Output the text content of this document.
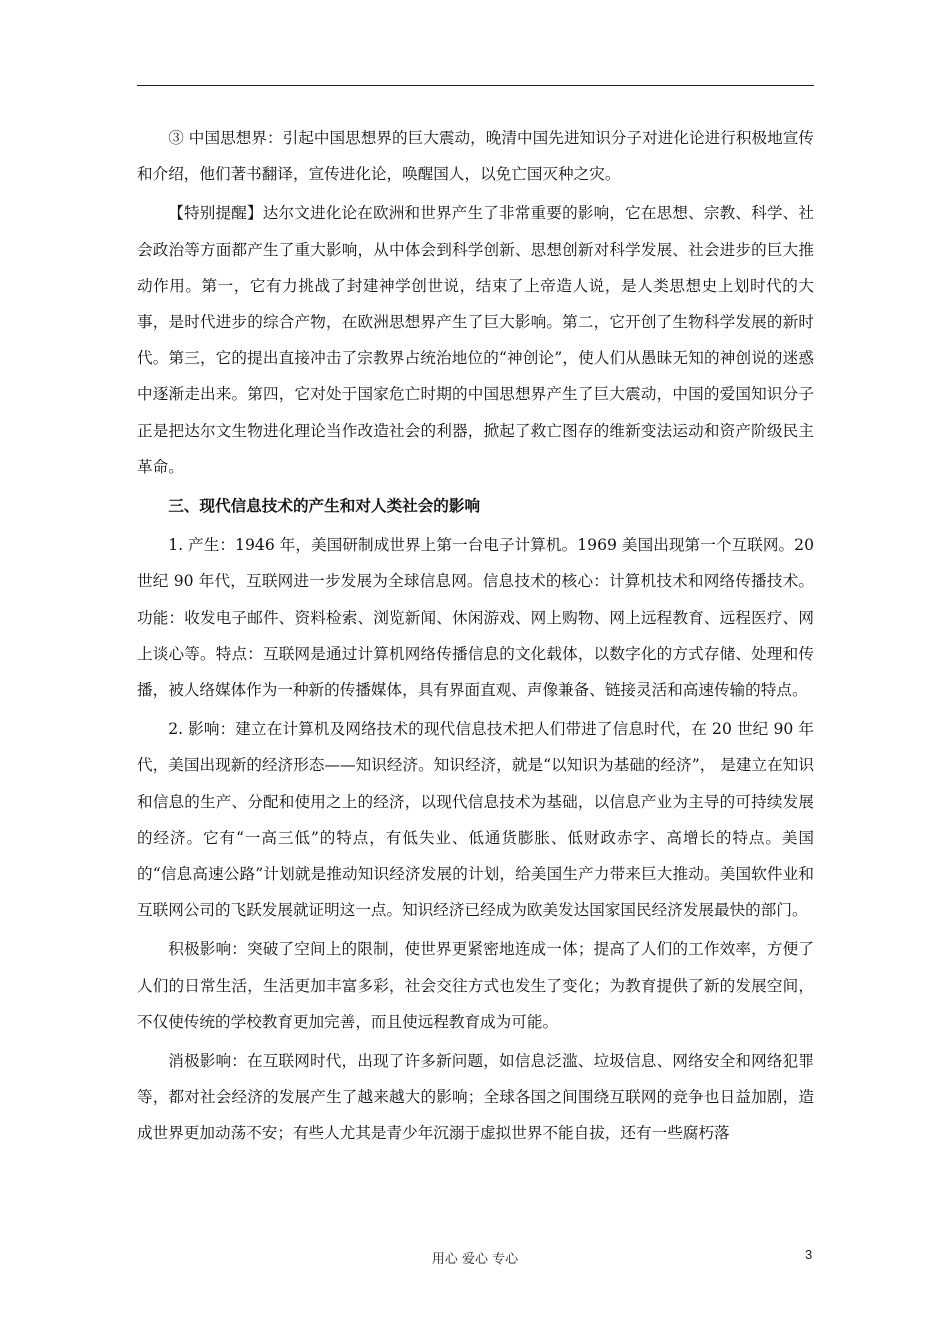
③ 中国思想界：引起中国思想界的巨大震动，晚清中国先进知识分子对进化论进行积极地宣传和介绍，他们著书翻译，宣传进化论，唤醒国人，以免亡国灭种之灾。

【特别提醒】达尔文进化论在欧洲和世界产生了非常重要的影响，它在思想、宗教、科学、社会政治等方面都产生了重大影响，从中体会到科学创新、思想创新对科学发展、社会进步的巨大推动作用。第一，它有力挑战了封建神学创世说，结束了上帝造人说，是人类思想史上划时代的大事，是时代进步的综合产物，在欧洲思想界产生了巨大影响。第二，它开创了生物科学发展的新时代。第三，它的提出直接冲击了宗教界占统治地位的“神创论”，使人们从愚昧无知的神创说的迷惑中逐渐走出来。第四，它对处于国家危亡时期的中国思想界产生了巨大震动，中国的爱国知识分子正是把达尔文生物进化理论当作改造社会的利器，掀起了救亡图存的维新变法运动和资产阶级民主革命。

三、现代信息技术的产生和对人类社会的影响

1. 产生：1946 年，美国研制成世界上第一台电子计算机。1969 美国出现第一个互联网。20 世纪 90 年代，互联网进一步发展为全球信息网。信息技术的核心：计算机技术和网络传播技术。功能：收发电子邮件、资料检索、浏览新闻、休闲游戏、网上购物、网上远程教育、远程医疗、网上谈心等。特点：互联网是通过计算机网络传播信息的文化载体，以数字化的方式存储、处理和传播，被人络媒体作为一种新的传播媒体，具有界面直观、声像兼备、链接灵活和高速传输的特点。

2. 影响：建立在计算机及网络技术的现代信息技术把人们带进了信息时代，在 20 世纪 90 年代，美国出现新的经济形态——知识经济。知识经济，就是“以知识为基础的经济”， 是建立在知识和信息的生产、分配和使用之上的经济，以现代信息技术为基础，以信息产业为主导的可持续发展的经济。它有“一高三低”的特点，有低失业、低通货膨胀、低财政赤字、高增长的特点。美国的“信息高速公路”计划就是推动知识经济发展的计划，给美国生产力带来巨大推动。美国软件业和互联网公司的飞跃发展就证明这一点。知识经济已经成为欧美发达国家国民经济发展最快的部门。

积极影响：突破了空间上的限制，使世界更紧密地连成一体；提高了人们的工作效率，方便了人们的日常生活，生活更加丰富多彩，社会交往方式也发生了变化；为教育提供了新的发展空间，不仅使传统的学校教育更加完善，而且使远程教育成为可能。

消极影响：在互联网时代，出现了许多新问题，如信息泛滥、垃圾信息、网络安全和网络犯罪等，都对社会经济的发展产生了越来越大的影响；全球各国之间围绕互联网的竞争也日益加剧，造成世界更加动荡不安；有些人尤其是青少年沉溺于虚拟世界不能自拔，还有一些腐朽落

用心 爱心 专心	3
